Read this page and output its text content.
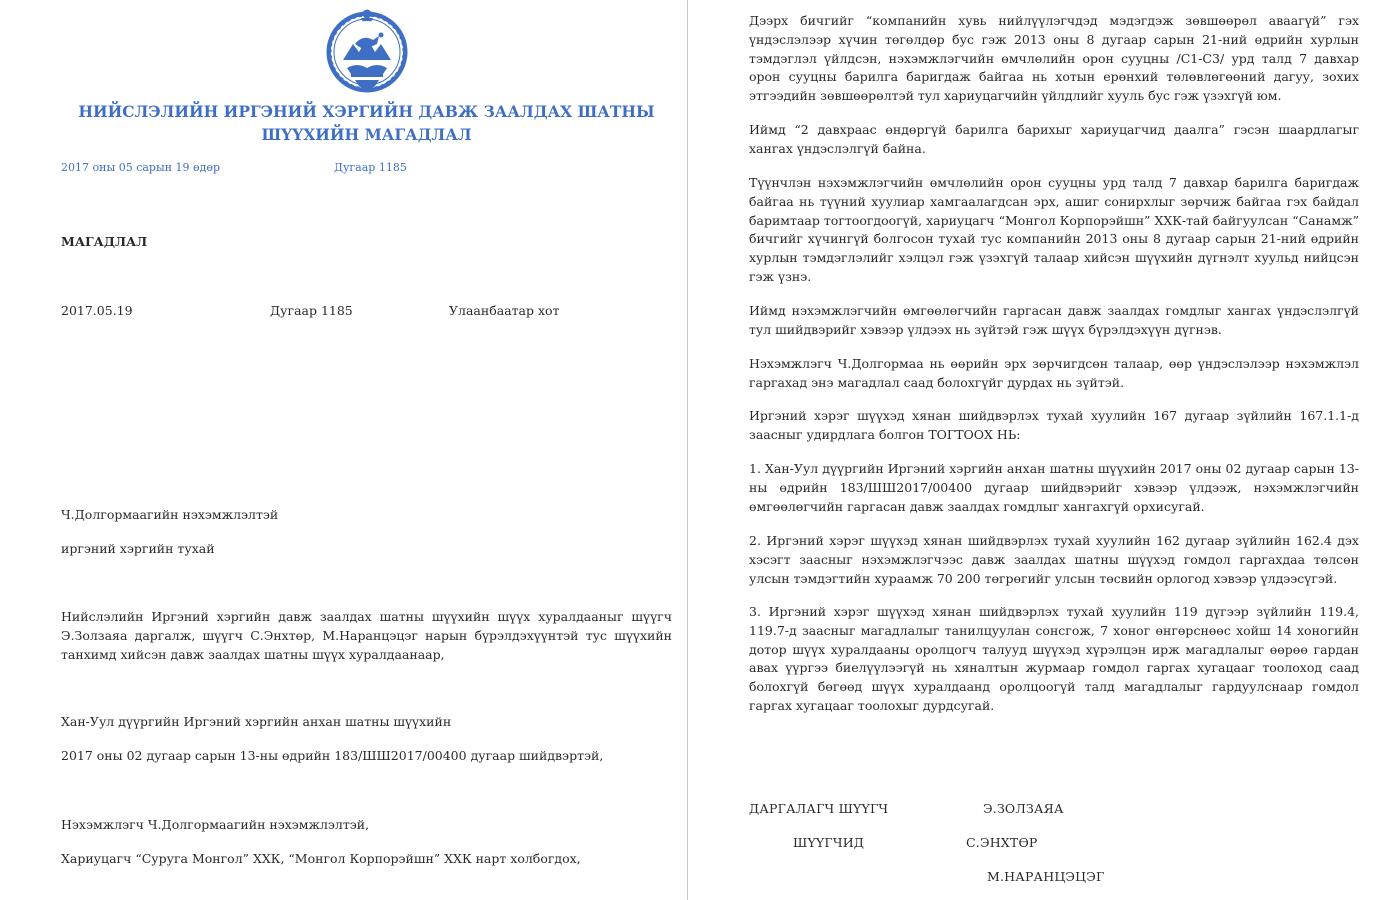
НИЙСЛЭЛИЙН ИРГЭНИЙ ХЭРГИЙН ДАВЖ ЗААЛДАХ ШАТНЫ ШҮҮХИЙН МАГАДЛАЛ

2017 оны 05 сарын 19 өдөр	Дугаар 1185

МАГАДЛАЛ

2017.05.19	Дугаар 1185	Улаанбаатар хот

Ч.Долгормаагийн нэхэмжлэлтэй

иргэний хэргийн тухай

Нийслэлийн Иргэний хэргийн давж заалдах шатны шүүхийн шүүх хуралдааныг шүүгч Э.Золзаяа даргалж, шүүгч С.Энхтөр, М.Наранцэцэг нарын бүрэлдэхүүнтэй тус шүүхийн танхимд хийсэн давж заалдах шатны шүүх хуралдаанаар,

Хан-Уул дүүргийн Иргэний хэргийн анхан шатны шүүхийн

2017 оны 02 дугаар сарын 13-ны өдрийн 183/ШШ2017/00400 дугаар шийдвэртэй,

Нэхэмжлэгч Ч.Долгормаагийн нэхэмжлэлтэй,

Хариуцагч “Суруга Монгол” ХХК, “Монгол Корпорэйшн” ХХК нарт холбогдох,

Дээрх бичгийг “компанийн хувь нийлүүлэгчдэд мэдэгдэж зөвшөөрөл аваагүй” гэх үндэслэлээр хүчин төгөлдөр бус гэж 2013 оны 8 дугаар сарын 21-ний өдрийн хурлын тэмдэглэл үйлдсэн, нэхэмжлэгчийн өмчлөлийн орон сууцны /С1-С3/ урд талд 7 давхар орон сууцны барилга баригдаж байгаа нь хотын ерөнхий төлөвлөгөөний дагуу, зохих этгээдийн зөвшөөрөлтэй тул хариуцагчийн үйлдлийг хууль бус гэж үзэхгүй юм.

Иймд “2 давхраас өндөргүй барилга барихыг хариуцагчид даалга” гэсэн шаардлагыг хангах үндэслэлгүй байна.

Түүнчлэн нэхэмжлэгчийн өмчлөлийн орон сууцны урд талд 7 давхар барилга баригдаж байгаа нь түүний хуулиар хамгаалагдсан эрх, ашиг сонирхлыг зөрчиж байгаа гэх байдал баримтаар тогтоогдоогүй, хариуцагч “Монгол Корпорэйшн” ХХК-тай байгуулсан “Санамж” бичгийг хүчингүй болгосон тухай тус компанийн 2013 оны 8 дугаар сарын 21-ний өдрийн хурлын тэмдэглэлийг хэлцэл гэж үзэхгүй талаар хийсэн шүүхийн дүгнэлт хуульд нийцсэн гэж үзнэ.

Иймд нэхэмжлэгчийн өмгөөлөгчийн гаргасан давж заалдах гомдлыг хангах үндэслэлгүй тул шийдвэрийг хэвээр үлдээх нь зүйтэй гэж шүүх бүрэлдэхүүн дүгнэв.

Нэхэмжлэгч Ч.Долгормаа нь өөрийн эрх зөрчигдсөн талаар, өөр үндэслэлээр нэхэмжлэл гаргахад энэ магадлал саад болохгүйг дурдах нь зүйтэй.

Иргэний хэрэг шүүхэд хянан шийдвэрлэх тухай хуулийн 167 дугаар зүйлийн 167.1.1-д заасныг удирдлага болгон ТОГТООХ НЬ:

1. Хан-Уул дүүргийн Иргэний хэргийн анхан шатны шүүхийн 2017 оны 02 дугаар сарын 13-ны өдрийн 183/ШШ2017/00400 дугаар шийдвэрийг хэвээр үлдээж, нэхэмжлэгчийн өмгөөлөгчийн гаргасан давж заалдах гомдлыг хангахгүй орхисугай.

2. Иргэний хэрэг шүүхэд хянан шийдвэрлэх тухай хуулийн 162 дугаар зүйлийн 162.4 дэх хэсэгт заасныг нэхэмжлэгчээс давж заалдах шатны шүүхэд гомдол гаргахдаа төлсөн улсын тэмдэгтийн хураамж 70 200 төгрөгийг улсын төсвийн орлогод хэвээр үлдээсүгэй.

3. Иргэний хэрэг шүүхэд хянан шийдвэрлэх тухай хуулийн 119 дүгээр зүйлийн 119.4, 119.7-д заасныг магадлалыг танилцуулан сонсгож, 7 хоног өнгөрснөөс хойш 14 хоногийн дотор шүүх хуралдааны оролцогч талууд шүүхэд хүрэлцэн ирж магадлалыг өөрөө гардан авах үүргээ биелүүлээгүй нь хяналтын журмаар гомдол гаргах хугацааг тоолоход саад болохгүй бөгөөд шүүх хуралдаанд оролцоогүй талд магадлалыг гардуулснаар гомдол гаргах хугацааг тоолохыг дурдсугай.

ДАРГАЛАГЧ ШҮҮГЧ	Э.ЗОЛЗАЯА
ШҮҮГЧИД	С.ЭНХТӨР
М.НАРАНЦЭЦЭГ
